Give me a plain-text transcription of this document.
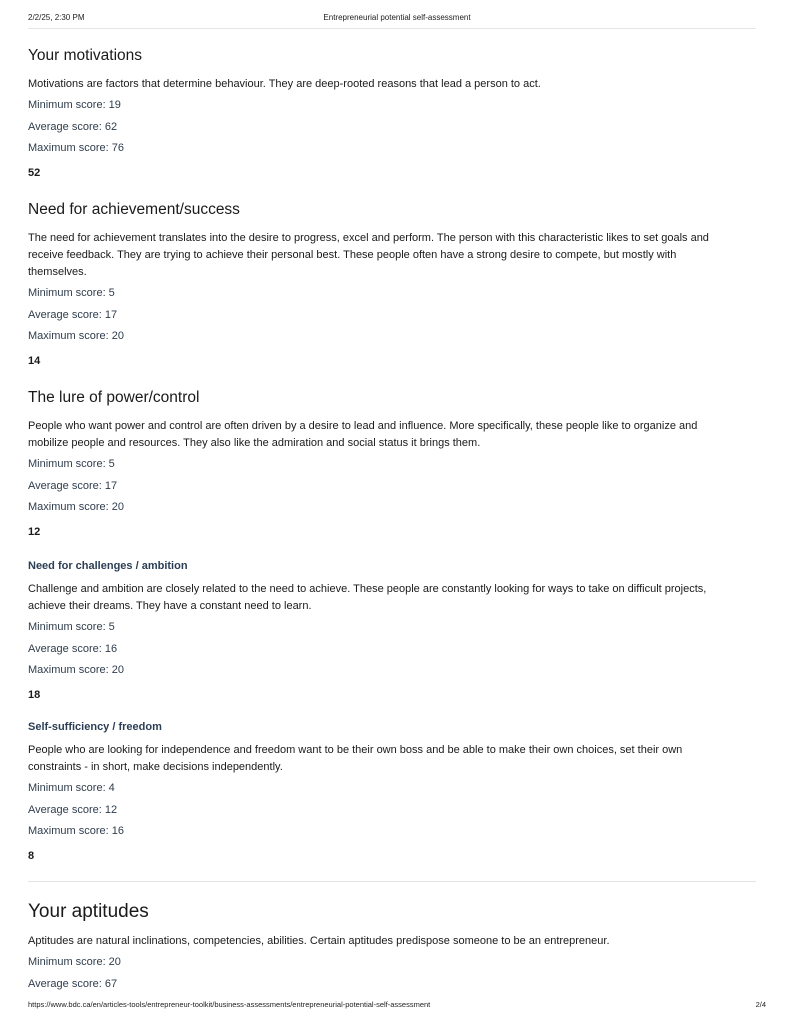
2/2/25, 2:30 PM	Entrepreneurial potential self-assessment
Your motivations
Motivations are factors that determine behaviour. They are deep-rooted reasons that lead a person to act.
Minimum score: 19
Average score: 62
Maximum score: 76
52
Need for achievement/success
The need for achievement translates into the desire to progress, excel and perform. The person with this characteristic likes to set goals and receive feedback. They are trying to achieve their personal best. These people often have a strong desire to compete, but mostly with themselves.
Minimum score: 5
Average score: 17
Maximum score: 20
14
The lure of power/control
People who want power and control are often driven by a desire to lead and influence. More specifically, these people like to organize and mobilize people and resources. They also like the admiration and social status it brings them.
Minimum score: 5
Average score: 17
Maximum score: 20
12
Need for challenges / ambition
Challenge and ambition are closely related to the need to achieve. These people are constantly looking for ways to take on difficult projects, achieve their dreams. They have a constant need to learn.
Minimum score: 5
Average score: 16
Maximum score: 20
18
Self-sufficiency / freedom
People who are looking for independence and freedom want to be their own boss and be able to make their own choices, set their own constraints - in short, make decisions independently.
Minimum score: 4
Average score: 12
Maximum score: 16
8
Your aptitudes
Aptitudes are natural inclinations, competencies, abilities. Certain aptitudes predispose someone to be an entrepreneur.
Minimum score: 20
Average score: 67
https://www.bdc.ca/en/articles-tools/entrepreneur-toolkit/business-assessments/entrepreneurial-potential-self-assessment	2/4
